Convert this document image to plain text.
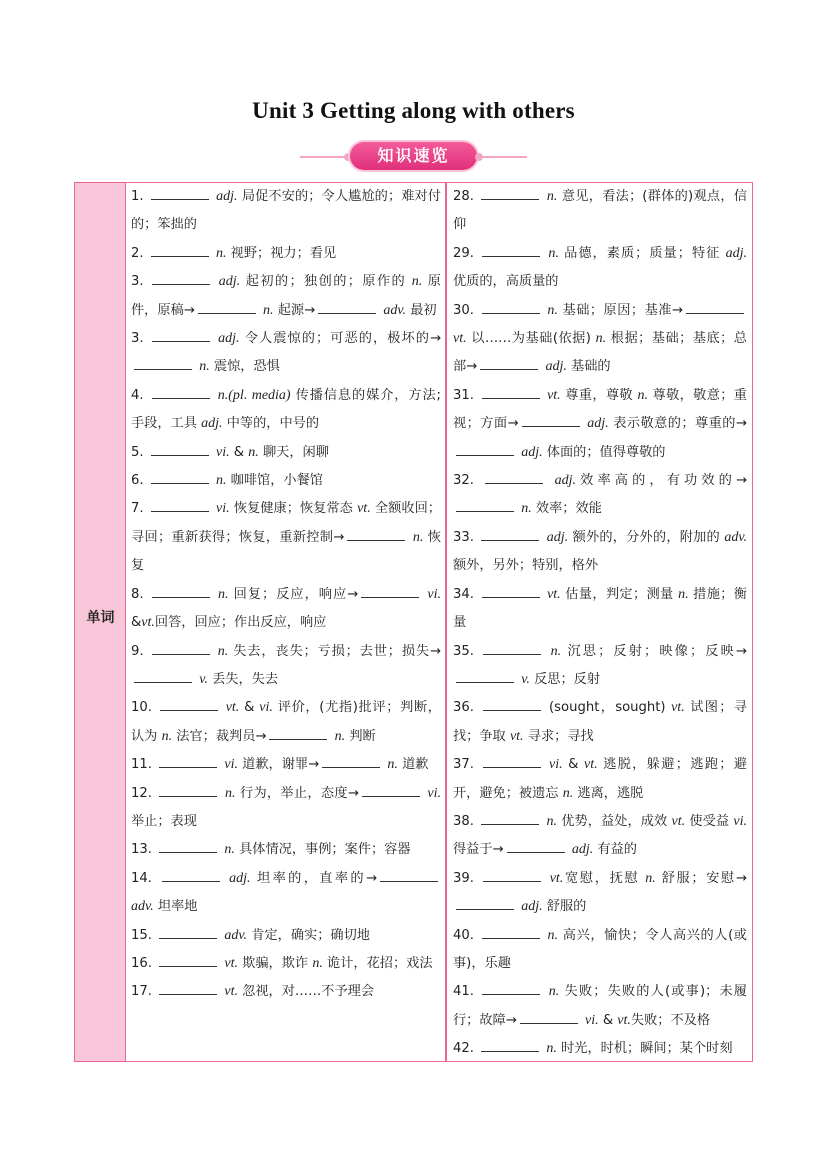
Unit 3 Getting along with others
知识速览
单词

1.	adj. 局促不安的；令人尴尬的；难对付的；笨拙的

2.	n. 视野；视力；看见

3.	adj. 起初的；独创的；原作的 n. 原件，原稿→	n. 起源→	adv. 最初

3.	adj. 令人震惊的；可恶的，极坏的→ n. 震惊，恐惧

4.	n.(pl. media) 传播信息的媒介，方法;手段，工具 adj. 中等的，中号的

5.	vi. & n. 聊天，闲聊

6.	n. 咖啡馆，小餐馆

7.	vi. 恢复健康；恢复常态 vt. 全额收回；寻回；重新获得；恢复，重新控制→	n. 恢复

8.	n. 回复；反应，响应→	vi. &vt.回答，回应；作出反应，响应

9.	n. 失去，丧失；亏损；去世；损失→ v. 丢失，失去

10.	vt. & vi. 评价，(尤指)批评；判断，认为 n. 法官；裁判员→	n. 判断

11.	vi. 道歉，谢罪→	n. 道歉

12.	n. 行为，举止，态度→	vi. 举止；表现

13.	n. 具体情况，事例；案件；容器

14.	adj. 坦率的，直率的→ adv. 坦率地

15.	adv. 肯定，确实；确切地

16.	vt. 欺骗，欺诈 n. 诡计，花招；戏法

17.	vt. 忽视，对……不予理会

28.	n. 意见，看法；(群体的)观点，信仰

29.	n. 品德，素质；质量；特征 adj. 优质的，高质量的

30.	n. 基础；原因；基准→ vt. 以……为基础(依据) n. 根据；基础；基底；总部→	adj. 基础的

31.	vt. 尊重，尊敬 n. 尊敬，敬意；重视；方面→	adj. 表示敬意的；尊重的→ adj. 体面的；值得尊敬的

32.	adj.效率高的，有功效的→ n. 效率；效能

33.	adj. 额外的，分外的，附加的 adv. 额外，另外；特别，格外

34.	vt. 估量，判定；测量 n. 措施；衡量

35.	n. 沉思；反射；映像；反映→ v. 反思；反射

36.	(sought，sought) vt. 试图；寻找；争取 vt. 寻求；寻找

37.	vi. & vt. 逃脱，躲避；逃跑；避开，避免；被遗忘 n. 逃离，逃脱

38.	n. 优势，益处，成效 vt. 使受益 vi.得益于→	adj. 有益的

39.	vt.宽慰，抚慰 n. 舒服；安慰→ adj. 舒服的

40.	n. 高兴，愉快；令人高兴的人(或事)，乐趣

41.	n. 失败；失败的人(或事)；未履行；故障→	vi. & vt.失败；不及格

42.	n. 时光，时机；瞬间；某个时刻
